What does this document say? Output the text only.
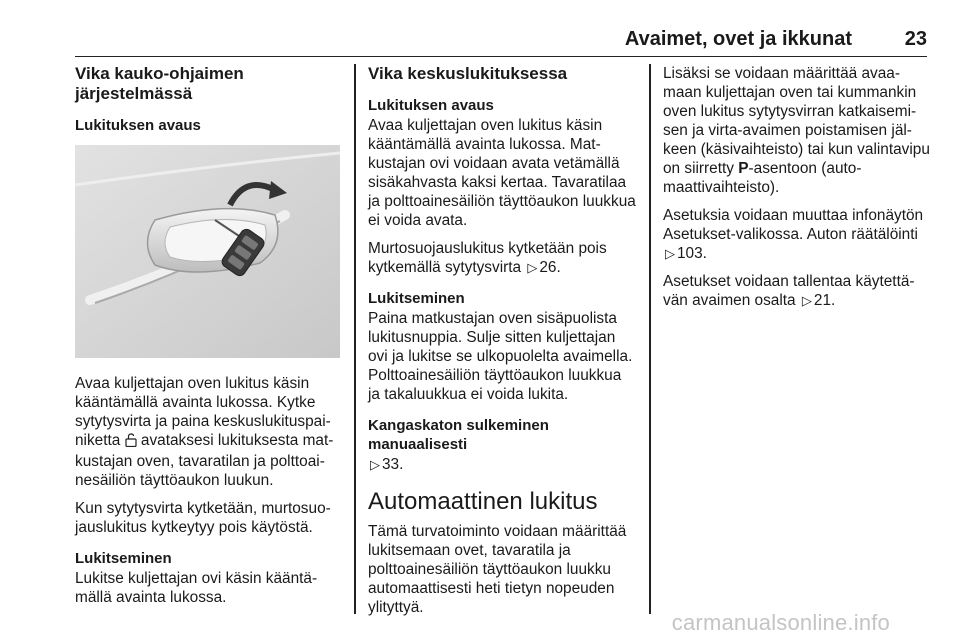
Avaimet, ovet ja ikkunat	23
Vika kauko-ohjaimen järjestelmässä
Lukituksen avaus

Avaa kuljettajan oven lukitus käsin kääntämällä avainta lukossa. Kytke sytytysvirta ja paina keskuslukituspainiketta  avataksesi lukituksesta matkustajan oven, tavaratilan ja polttoainesäiliön täyttöaukon luukun.

Kun sytytysvirta kytketään, murtosuojauslukitus kytkeytyy pois käytöstä.

Lukitseminen

Lukitse kuljettajan ovi käsin kääntämällä avainta lukossa.

Vika keskuslukituksessa
Lukituksen avaus

Avaa kuljettajan oven lukitus käsin kääntämällä avainta lukossa. Matkustajan ovi voidaan avata vetämällä sisäkahvasta kaksi kertaa. Tavaratilaa ja polttoainesäiliön täyttöaukon luukkua ei voida avata.

Murtosuojauslukitus kytketään pois kytkemällä sytytysvirta ▷ 26.

Lukitseminen

Paina matkustajan oven sisäpuolista lukitusnuppia. Sulje sitten kuljettajan ovi ja lukitse se ulkopuolelta avaimella. Polttoainesäiliön täyttöaukon luukkua ja takaluukkua ei voida lukita.

Kangaskaton sulkeminen manuaalisesti

▷ 33.

Automaattinen lukitus

Tämä turvatoiminto voidaan määrittää lukitsemaan ovet, tavaratila ja polttoainesäiliön täyttöaukon luukku automaattisesti heti tietyn nopeuden ylityttyä.

Lisäksi se voidaan määrittää avaamaan kuljettajan oven tai kummankin oven lukitus sytytysvirran katkaisemisen ja virta-avaimen poistamisen jälkeen (käsivaihteisto) tai kun valintavipu on siirretty P-asentoon (automaattivaihteisto).

Asetuksia voidaan muuttaa infonäytön Asetukset-valikossa. Auton räätälöinti ▷ 103.

Asetukset voidaan tallentaa käytettävän avaimen osalta ▷ 21.

carmanualsonline.info
